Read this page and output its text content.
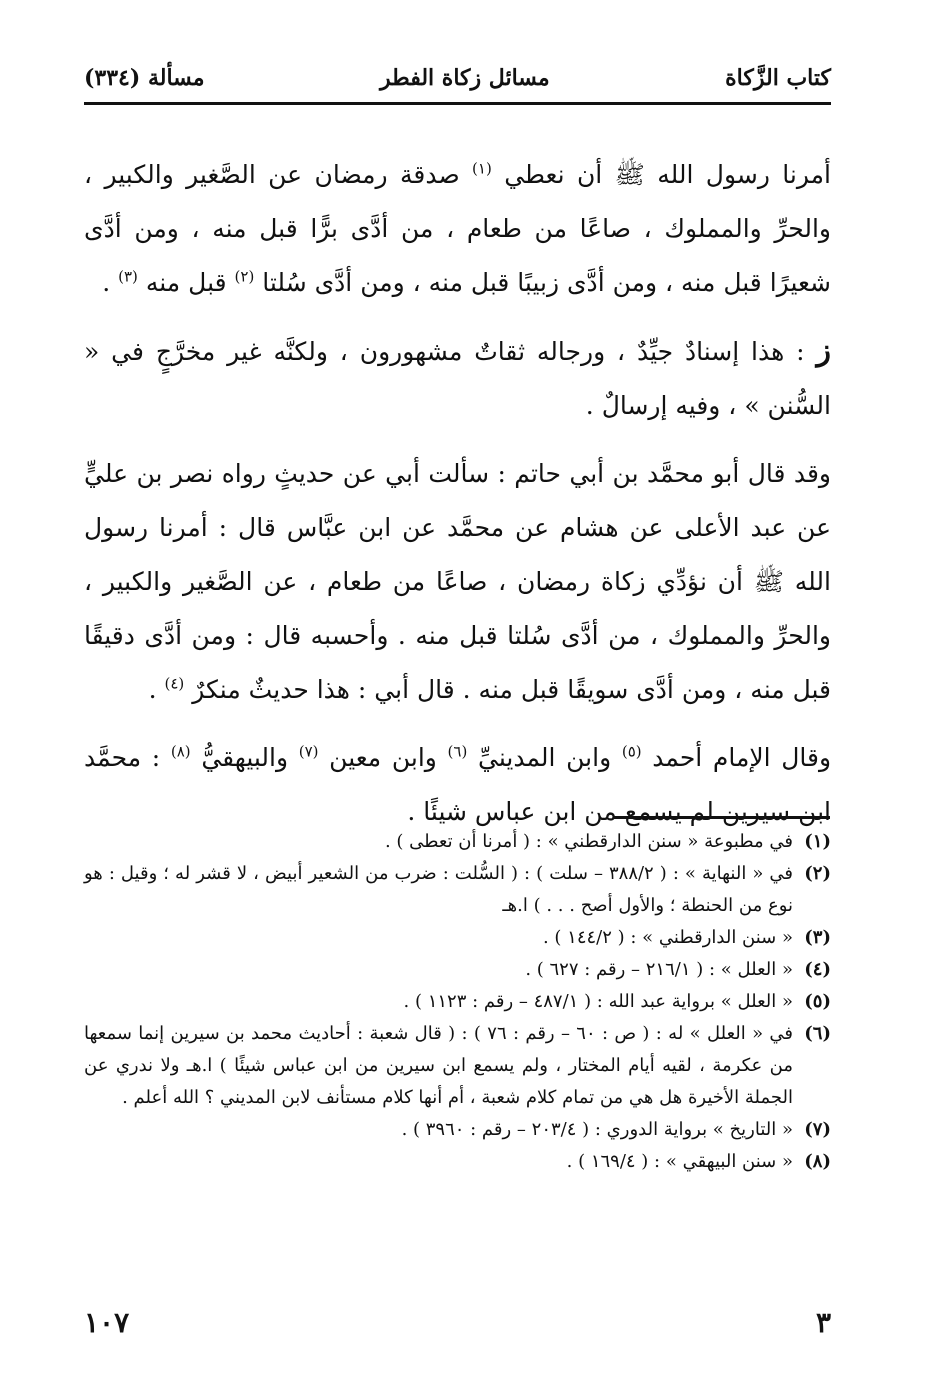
كتاب الزَّكاة
مسائل زكاة الفطر
مسألة (٣٣٤)

أمرنا رسول الله ﷺ أن نعطي $^{(١)}$ صدقة رمضان عن الصَّغير والكبير ، والحرِّ والمملوك ، صاعًا من طعام ، من أدَّى برًّا قبل منه ، ومن أدَّى شعيرًا قبل منه ، ومن أدَّى زبيبًا قبل منه ، ومن أدَّى سُلتا $^{(٢)}$ قبل منه $^{(٣)}$ .

ز : هذا إسنادٌ جيِّدٌ ، ورجاله ثقاتٌ مشهورون ، ولكنَّه غير مخرَّجٍ في « السُّنن » ، وفيه إرسالٌ .

وقد قال أبو محمَّد بن أبي حاتم : سألت أبي عن حديثٍ رواه نصر بن عليٍّ عن عبد الأعلى عن هشام عن محمَّد عن ابن عبَّاس قال : أمرنا رسول الله ﷺ أن نؤدِّي زكاة رمضان ، صاعًا من طعام ، عن الصَّغير والكبير ، والحرِّ والمملوك ، من أدَّى سُلتا قبل منه . وأحسبه قال : ومن أدَّى دقيقًا قبل منه ، ومن أدَّى سويقًا قبل منه . قال أبي : هذا حديثٌ منكرٌ $^{(٤)}$ .

وقال الإمام أحمد $^{(٥)}$ وابن المدينيِّ $^{(٦)}$ وابن معين $^{(٧)}$ والبيهقيُّ $^{(٨)}$ : محمَّد ابن سيرين لم يسمع من ابن عباس شيئًا .

(١)
في مطبوعة « سنن الدارقطني » : ( أمرنا أن تعطى ) .
(٢)
في « النهاية » : ( ٣٨٨/٢ – سلت ) : ( السُّلت : ضرب من الشعير أبيض ، لا قشر له ؛ وقيل : هو نوع من الحنطة ؛ والأول أصح . . . ) ا.هـ
(٣)
« سنن الدارقطني » : ( ١٤٤/٢ ) .
(٤)
« العلل » : ( ٢١٦/١ – رقم : ٦٢٧ ) .
(٥)
« العلل » برواية عبد الله : ( ٤٨٧/١ – رقم : ١١٢٣ ) .
(٦)
في « العلل » له : ( ص : ٦٠ – رقم : ٧٦ ) : ( قال شعبة : أحاديث محمد بن سيرين إنما سمعها من عكرمة ، لقيه أيام المختار ، ولم يسمع ابن سيرين من ابن عباس شيئًا ) ا.هـ ولا ندري عن الجملة الأخيرة هل هي من تمام كلام شعبة ، أم أنها كلام مستأنف لابن المديني ؟ الله أعلم .
(٧)
« التاريخ » برواية الدوري : ( ٢٠٣/٤ – رقم : ٣٩٦٠ ) .
(٨)
« سنن البيهقي » : ( ١٦٩/٤ ) .
٣
١٠٧
